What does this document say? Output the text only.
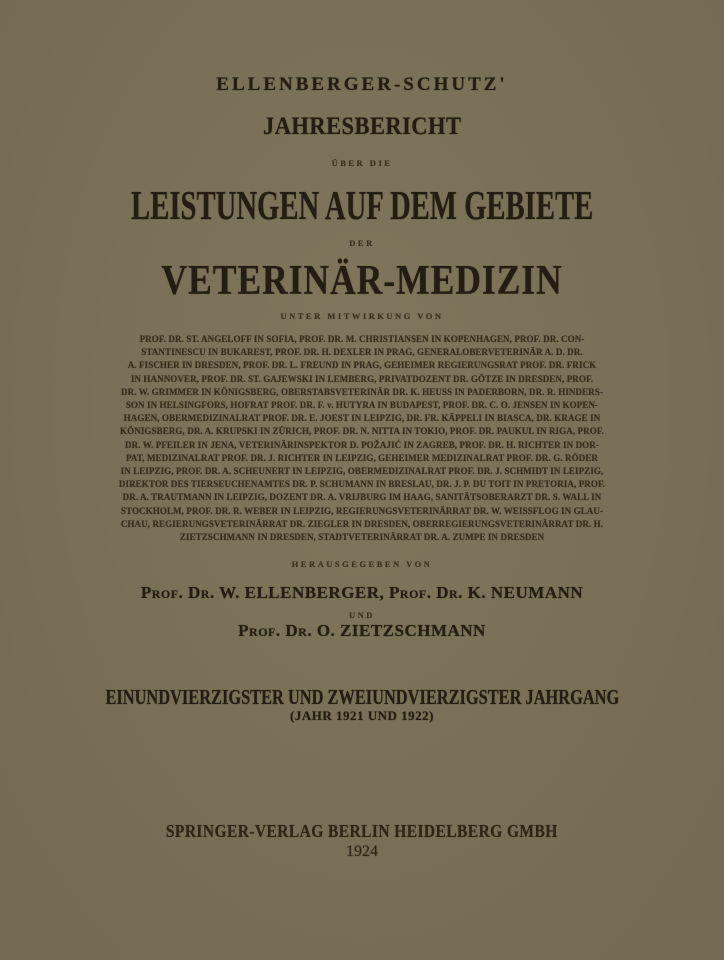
ELLENBERGER-SCHUTZ'
JAHRESBERICHT
ÜBER DIE
LEISTUNGEN AUF DEM GEBIETE
DER
VETERINÄR-MEDIZIN
UNTER MITWIRKUNG VON
PROF. DR. ST. ANGELOFF IN SOFIA, PROF. DR. M. CHRISTIANSEN IN KOPENHAGEN, PROF. DR. CON-
STANTINESCU IN BUKAREST, PROF. DR. H. DEXLER IN PRAG, GENERALOBERVETERINÄR A. D. DR.
A. FISCHER IN DRESDEN, PROF. DR. L. FREUND IN PRAG, GEHEIMER REGIERUNGSRAT PROF. DR. FRICK
IN HANNOVER, PROF. DR. ST. GAJEWSKI IN LEMBERG, PRIVATDOZENT DR. GÖTZE IN DRESDEN, PROF.
DR. W. GRIMMER IN KÖNIGSBERG, OBERSTABSVETERINÄR DR. K. HEUSS IN PADERBORN, DR. R. HINDERS-
SON IN HELSINGFORS, HOFRAT PROF. DR. F. v. HUTYRA IN BUDAPEST, PROF. DR. C. O. JENSEN IN KOPEN-
HAGEN, OBERMEDIZINALRAT PROF. DR. E. JOEST IN LEIPZIG, DR. FR. KÄPPELI IN BIASCA, DR. KRAGE IN
KÖNIGSBERG, DR. A. KRUPSKI IN ZÜRICH, PROF. DR. N. NITTA IN TOKIO, PROF. DR. PAUKUL IN RIGA, PROF.
DR. W. PFEILER IN JENA, VETERINÄRINSPEKTOR D. POŽAJIĆ IN ZAGREB, PROF. DR. H. RICHTER IN DOR-
PAT, MEDIZINALRAT PROF. DR. J. RICHTER IN LEIPZIG, GEHEIMER MEDIZINALRAT PROF. DR. G. RÖDER
IN LEIPZIG, PROF. DR. A. SCHEUNERT IN LEIPZIG, OBERMEDIZINALRAT PROF. DR. J. SCHMIDT IN LEIPZIG,
DIREKTOR DES TIERSEUCHENAMTES DR. P. SCHUMANN IN BRESLAU, DR. J. P. DU TOIT IN PRETORIA, PROF.
DR. A. TRAUTMANN IN LEIPZIG, DOZENT DR. A. VRIJBURG IM HAAG, SANITÄTSOBERARZT DR. S. WALL IN
STOCKHOLM, PROF. DR. R. WEBER IN LEIPZIG, REGIERUNGSVETERINÄRRAT DR. W. WEISSFLOG IN GLAU-
CHAU, REGIERUNGSVETERINÄRRAT DR. ZIEGLER IN DRESDEN, OBERREGIERUNGSVETERINÄRRAT DR. H.
ZIETZSCHMANN IN DRESDEN, STADTVETERINÄRRAT DR. A. ZUMPE IN DRESDEN
HERAUSGEGEBEN VON
Prof. Dr. W. ELLENBERGER, Prof. Dr. K. NEUMANN
UND
Prof. Dr. O. ZIETZSCHMANN
EINUNDVIERZIGSTER UND ZWEIUNDVIERZIGSTER JAHRGANG
(JAHR 1921 UND 1922)
SPRINGER-VERLAG BERLIN HEIDELBERG GMBH
1924
